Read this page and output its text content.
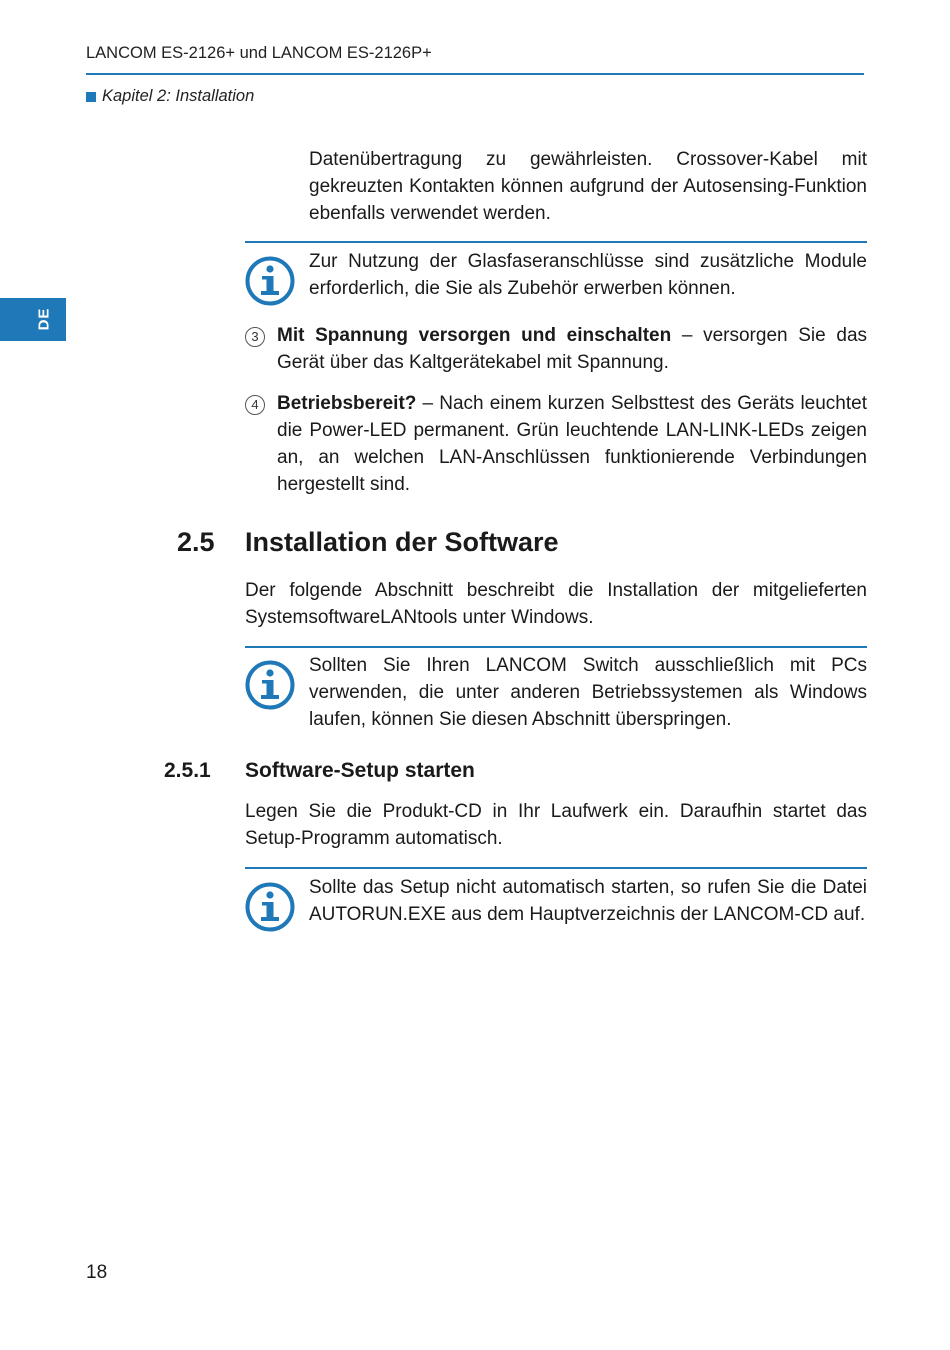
LANCOM ES-2126+ und LANCOM ES-2126P+
Kapitel 2: Installation
DE

Datenübertragung zu gewährleisten. Crossover-Kabel mit gekreuzten Kontakten können aufgrund der Autosensing-Funktion ebenfalls verwendet werden.

Zur Nutzung der Glasfaseranschlüsse sind zusätzliche Module erforderlich, die Sie als Zubehör erwerben können.

3 Mit Spannung versorgen und einschalten – versorgen Sie das Gerät über das Kaltgerätekabel mit Spannung.

4 Betriebsbereit? – Nach einem kurzen Selbsttest des Geräts leuchtet die Power-LED permanent. Grün leuchtende LAN-LINK-LEDs zeigen an, an welchen LAN-Anschlüssen funktionierende Verbindungen hergestellt sind.

2.5 Installation der Software

Der folgende Abschnitt beschreibt die Installation der mitgelieferten SystemsoftwareLANtools unter Windows.

Sollten Sie Ihren LANCOM Switch ausschließlich mit PCs verwenden, die unter anderen Betriebssystemen als Windows laufen, können Sie diesen Abschnitt überspringen.

2.5.1 Software-Setup starten

Legen Sie die Produkt-CD in Ihr Laufwerk ein. Daraufhin startet das Setup-Programm automatisch.

Sollte das Setup nicht automatisch starten, so rufen Sie die Datei AUTORUN.EXE aus dem Hauptverzeichnis der LANCOM-CD auf.

18
